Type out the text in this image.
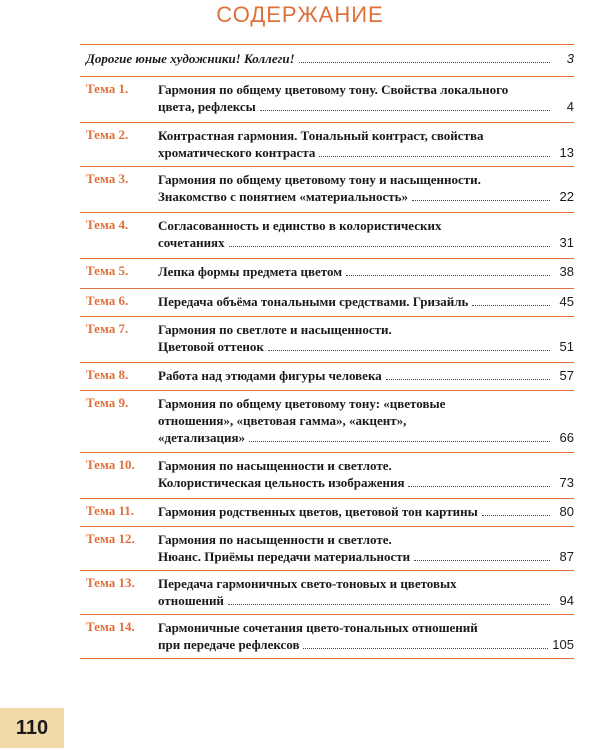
СОДЕРЖАНИЕ
Дорогие юные художники! Коллеги!	3
Тема 1.	Гармония по общему цветовому тону. Свойства локального
цвета, рефлексы	4
Тема 2.	Контрастная гармония. Тональный контраст, свойства
хроматического контраста	13
Тема 3.	Гармония по общему цветовому тону и насыщенности.
Знакомство с понятием «материальность»	22
Тема 4.	Согласованность и единство в колористических
сочетаниях	31
Тема 5.	Лепка формы предмета цветом	38
Тема 6.	Передача объёма тональными средствами. Гризайль	45
Тема 7.	Гармония по светлоте и насыщенности.
Цветовой оттенок	51
Тема 8.	Работа над этюдами фигуры человека	57
Тема 9.	Гармония по общему цветовому тону: «цветовые
отношения», «цветовая гамма», «акцент»,
«детализация»	66
Тема 10.	Гармония по насыщенности и светлоте.
Колористическая цельность изображения	73
Тема 11.	Гармония родственных цветов, цветовой тон картины	80
Тема 12.	Гармония по насыщенности и светлоте.
Нюанс. Приёмы передачи материальности	87
Тема 13.	Передача гармоничных свето-тоновых и цветовых
отношений	94
Тема 14.	Гармоничные сочетания цвето-тональных отношений
при передаче рефлексов	105
110
